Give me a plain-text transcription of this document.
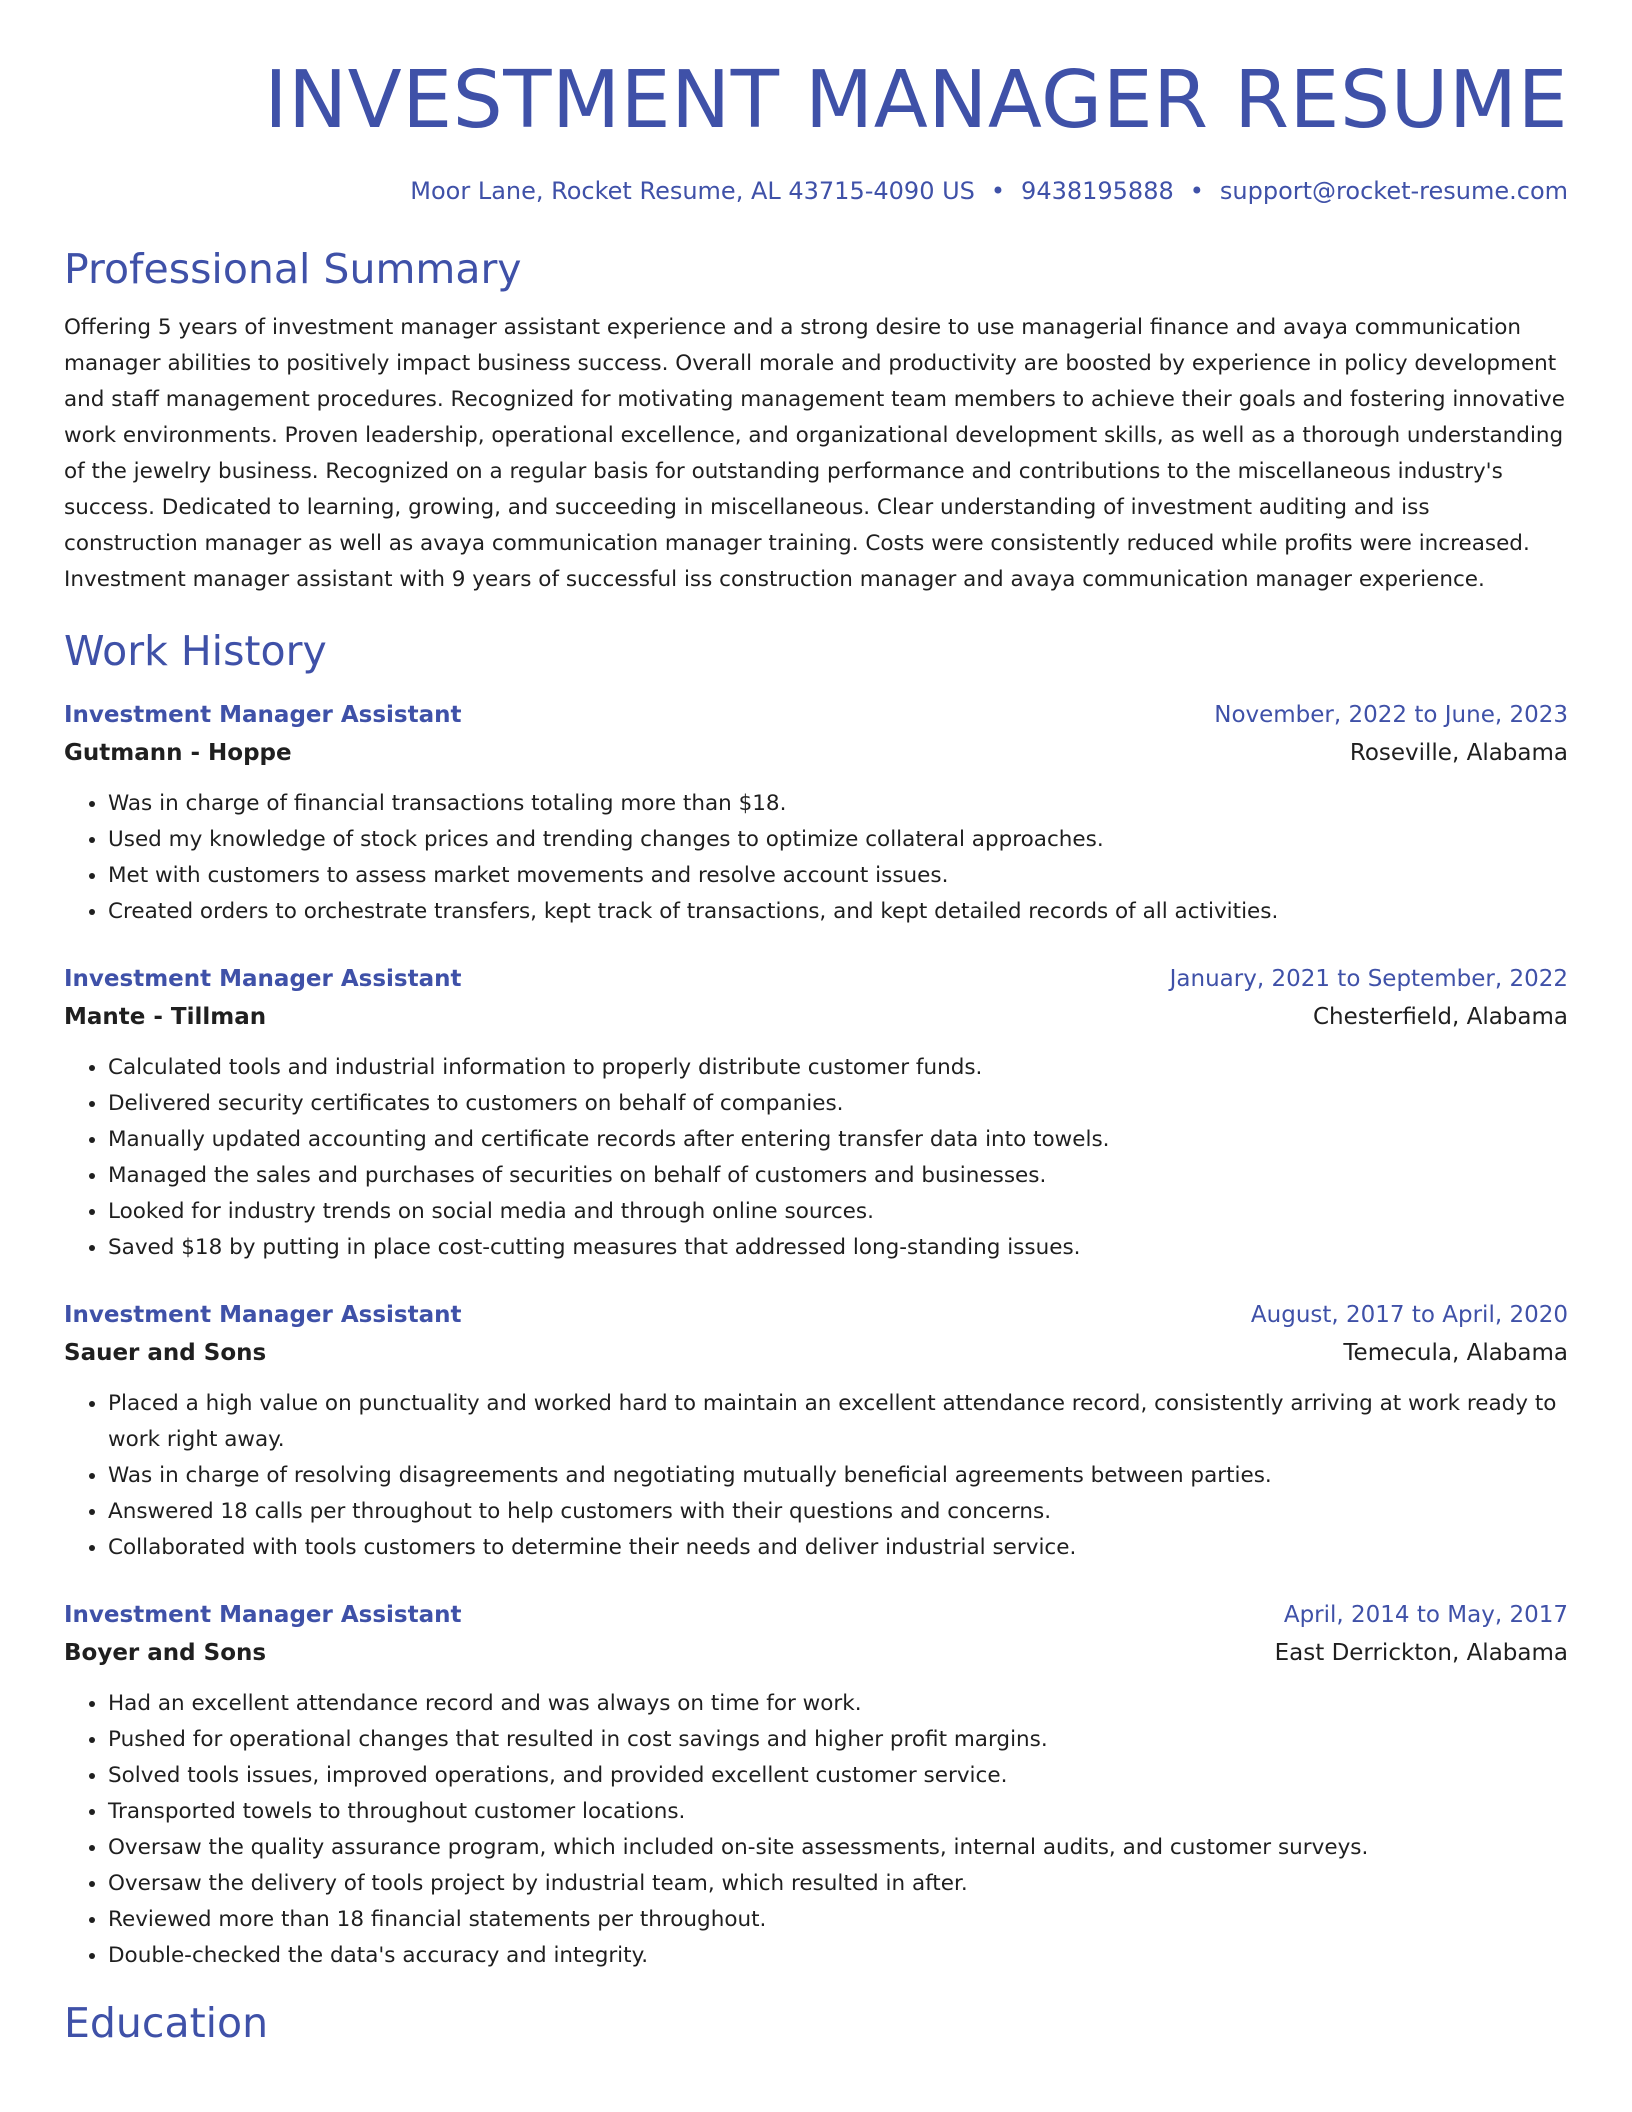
INVESTMENT MANAGER RESUME
Moor Lane, Rocket Resume, AL 43715-4090 US • 9438195888 • support@rocket-resume.com
Professional Summary

Offering 5 years of investment manager assistant experience and a strong desire to use managerial finance and avaya communication manager abilities to positively impact business success. Overall morale and productivity are boosted by experience in policy development and staff management procedures. Recognized for motivating management team members to achieve their goals and fostering innovative work environments. Proven leadership, operational excellence, and organizational development skills, as well as a thorough understanding of the jewelry business. Recognized on a regular basis for outstanding performance and contributions to the miscellaneous industry's success. Dedicated to learning, growing, and succeeding in miscellaneous. Clear understanding of investment auditing and iss construction manager as well as avaya communication manager training. Costs were consistently reduced while profits were increased. Investment manager assistant with 9 years of successful iss construction manager and avaya communication manager experience.

Work History
Investment Manager Assistant	November, 2022 to June, 2023
Gutmann - Hoppe	Roseville, Alabama
• Was in charge of financial transactions totaling more than $18.
• Used my knowledge of stock prices and trending changes to optimize collateral approaches.
• Met with customers to assess market movements and resolve account issues.
• Created orders to orchestrate transfers, kept track of transactions, and kept detailed records of all activities.
Investment Manager Assistant	January, 2021 to September, 2022
Mante - Tillman	Chesterfield, Alabama
• Calculated tools and industrial information to properly distribute customer funds.
• Delivered security certificates to customers on behalf of companies.
• Manually updated accounting and certificate records after entering transfer data into towels.
• Managed the sales and purchases of securities on behalf of customers and businesses.
• Looked for industry trends on social media and through online sources.
• Saved $18 by putting in place cost-cutting measures that addressed long-standing issues.
Investment Manager Assistant	August, 2017 to April, 2020
Sauer and Sons	Temecula, Alabama
• Placed a high value on punctuality and worked hard to maintain an excellent attendance record, consistently arriving at work ready to work right away.
• Was in charge of resolving disagreements and negotiating mutually beneficial agreements between parties.
• Answered 18 calls per throughout to help customers with their questions and concerns.
• Collaborated with tools customers to determine their needs and deliver industrial service.
Investment Manager Assistant	April, 2014 to May, 2017
Boyer and Sons	East Derrickton, Alabama
• Had an excellent attendance record and was always on time for work.
• Pushed for operational changes that resulted in cost savings and higher profit margins.
• Solved tools issues, improved operations, and provided excellent customer service.
• Transported towels to throughout customer locations.
• Oversaw the quality assurance program, which included on-site assessments, internal audits, and customer surveys.
• Oversaw the delivery of tools project by industrial team, which resulted in after.
• Reviewed more than 18 financial statements per throughout.
• Double-checked the data's accuracy and integrity.
Education
